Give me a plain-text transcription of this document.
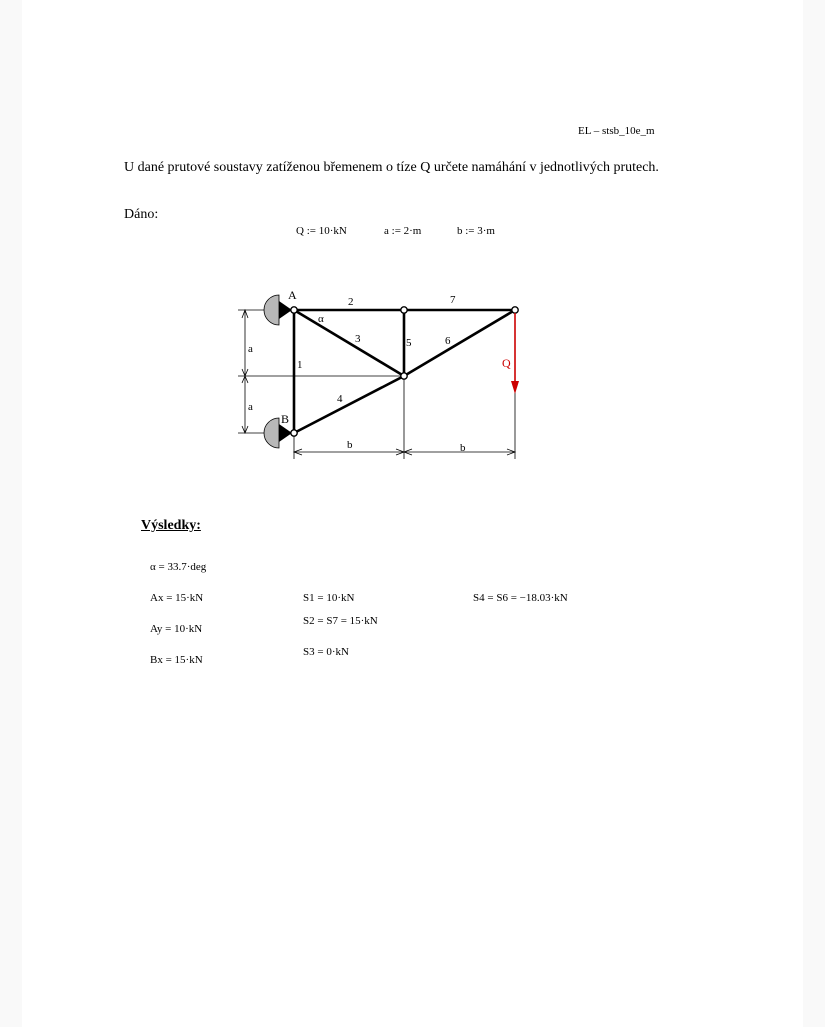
EL – stsb_10e_m
U dané prutové soustavy zatíženou břemenem o tíze Q určete namáhání v jednotlivých prutech.
Dáno:
Q := 10·kN	a := 2·m	b := 3·m
A
B
1
2
3
4
5	6
7
α
Q
a
a
b	b
Výsledky:
α = 33.7·deg
Ax = 15·kN
Ay = 10·kN
Bx = 15·kN
S1 = 10·kN
S2 = S7 = 15·kN
S3 = 0·kN
S4 = S6 = −18.03·kN
